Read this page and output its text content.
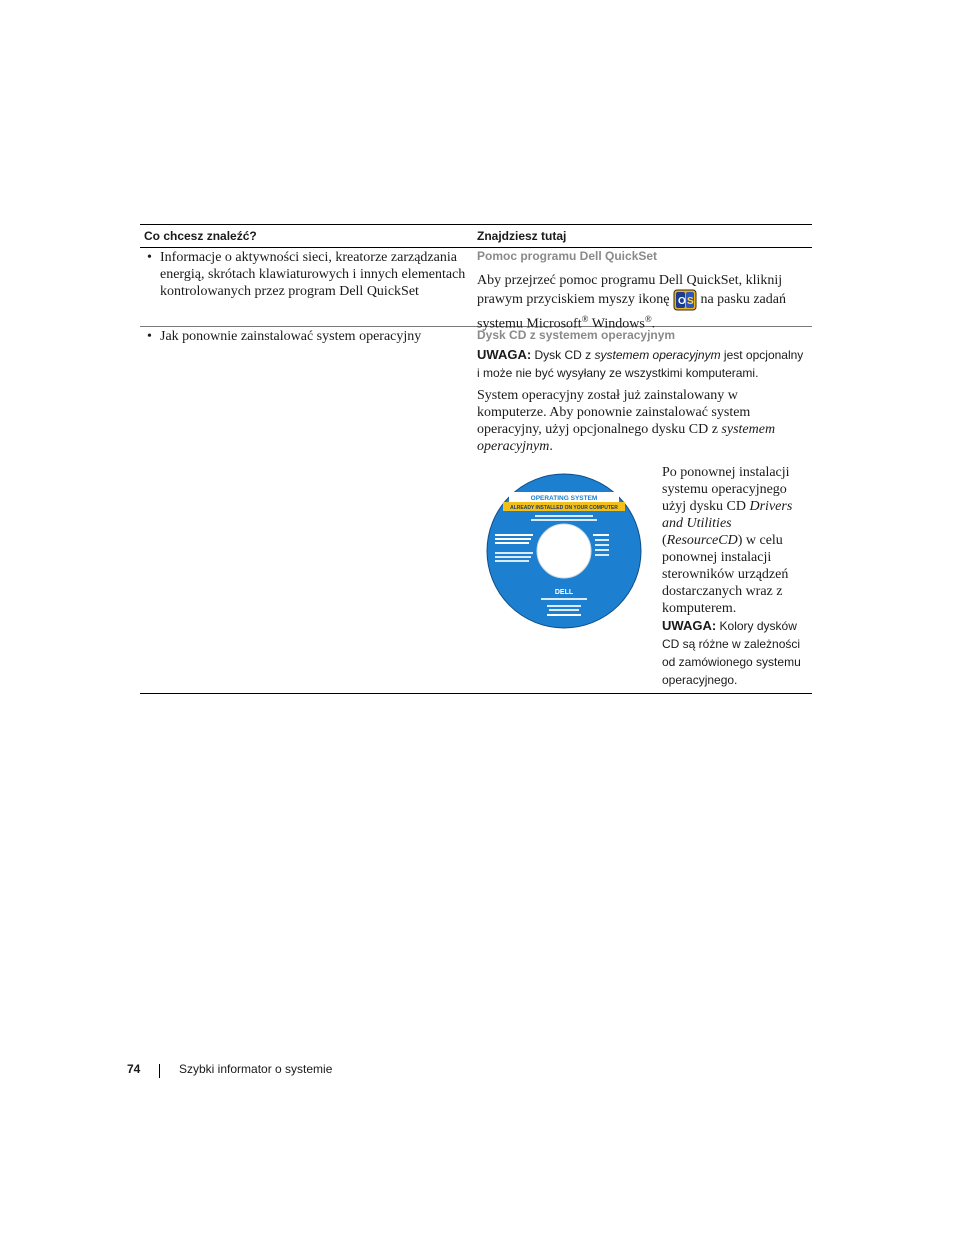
Co chcesz znaleźć?	Znajdziesz tutaj
• Informacje o aktywności sieci, kreatorze zarządzania energią, skrótach klawiaturowych i innych elementach kontrolowanych przez program Dell QuickSet
Pomoc programu Dell QuickSet
Aby przejrzeć pomoc programu Dell QuickSet, kliknij prawym przyciskiem myszy ikonę O S na pasku zadań systemu Microsoft® Windows®.
• Jak ponownie zainstalować system operacyjny	Dysk CD z systemem operacyjnym
UWAGA: Dysk CD z systemem operacyjnym jest opcjonalny i może nie być wysyłany ze wszystkimi komputerami.
System operacyjny został już zainstalowany w komputerze. Aby ponownie zainstalować system operacyjny, użyj opcjonalnego dysku CD z systemem operacyjnym.
OPERATING SYSTEM
ALREADY INSTALLED ON YOUR COMPUTER
DELL
Po ponownej instalacji systemu operacyjnego użyj dysku CD Drivers and Utilities (ResourceCD) w celu ponownej instalacji sterowników urządzeń dostarczanych wraz z komputerem.
UWAGA: Kolory dysków CD są różne w zależności od zamówionego systemu operacyjnego.
74	Szybki informator o systemie
